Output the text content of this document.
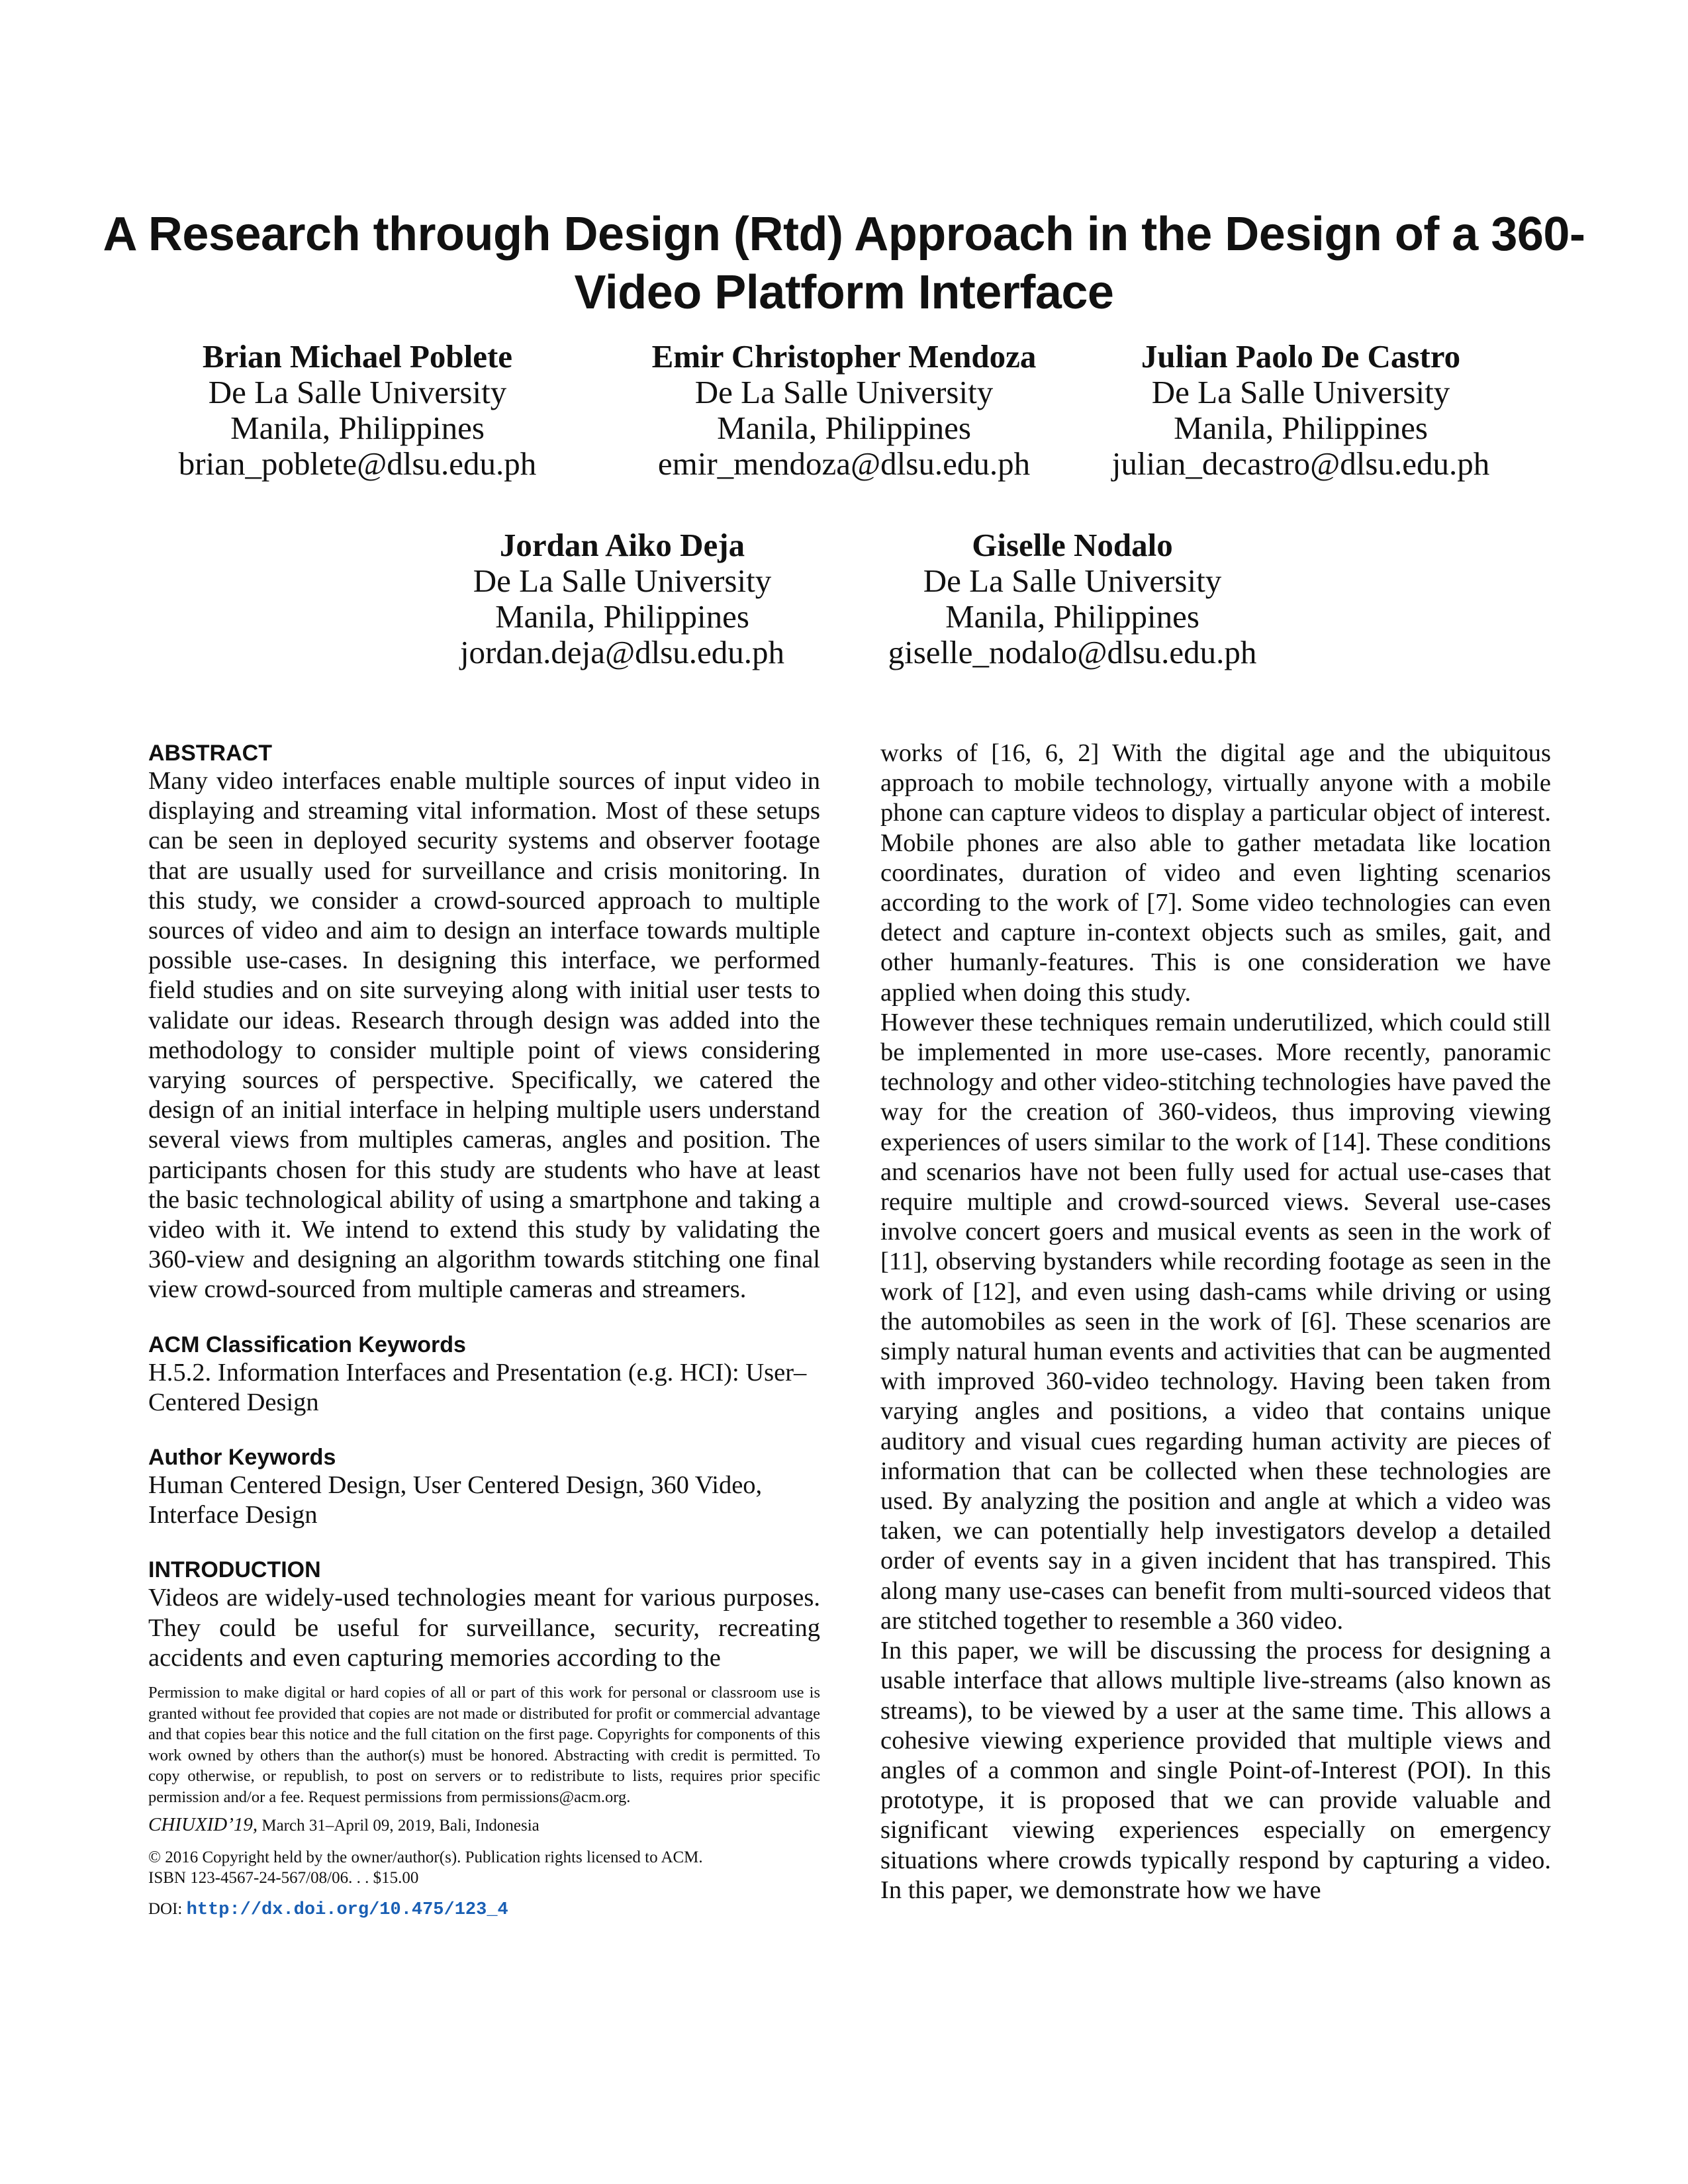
A Research through Design (Rtd) Approach in the Design of a 360-Video Platform Interface
Brian Michael Poblete
De La Salle University
Manila, Philippines
brian_poblete@dlsu.edu.ph
Emir Christopher Mendoza
De La Salle University
Manila, Philippines
emir_mendoza@dlsu.edu.ph
Julian Paolo De Castro
De La Salle University
Manila, Philippines
julian_decastro@dlsu.edu.ph
Jordan Aiko Deja
De La Salle University
Manila, Philippines
jordan.deja@dlsu.edu.ph
Giselle Nodalo
De La Salle University
Manila, Philippines
giselle_nodalo@dlsu.edu.ph
ABSTRACT

Many video interfaces enable multiple sources of input video in displaying and streaming vital information. Most of these setups can be seen in deployed security systems and observer footage that are usually used for surveillance and crisis monitoring. In this study, we consider a crowd-sourced approach to multiple sources of video and aim to design an interface towards multiple possible use-cases. In designing this interface, we performed field studies and on site surveying along with initial user tests to validate our ideas. Research through design was added into the methodology to consider multiple point of views considering varying sources of perspective. Specifically, we catered the design of an initial interface in helping multiple users understand several views from multiples cameras, angles and position. The participants chosen for this study are students who have at least the basic technological ability of using a smartphone and taking a video with it. We intend to extend this study by validating the 360-view and designing an algorithm towards stitching one final view crowd-sourced from multiple cameras and streamers.

ACM Classification Keywords

H.5.2. Information Interfaces and Presentation (e.g. HCI): User–Centered Design

Author Keywords

Human Centered Design, User Centered Design, 360 Video, Interface Design

INTRODUCTION

Videos are widely-used technologies meant for various purposes. They could be useful for surveillance, security, recreating accidents and even capturing memories according to the

Permission to make digital or hard copies of all or part of this work for personal or classroom use is granted without fee provided that copies are not made or distributed for profit or commercial advantage and that copies bear this notice and the full citation on the first page. Copyrights for components of this work owned by others than the author(s) must be honored. Abstracting with credit is permitted. To copy otherwise, or republish, to post on servers or to redistribute to lists, requires prior specific permission and/or a fee. Request permissions from permissions@acm.org.

CHIUXID’19, March 31–April 09, 2019, Bali, Indonesia
© 2016 Copyright held by the owner/author(s). Publication rights licensed to ACM.
ISBN 123-4567-24-567/08/06. . . $15.00
DOI: http://dx.doi.org/10.475/123_4

works of [16, 6, 2] With the digital age and the ubiquitous approach to mobile technology, virtually anyone with a mobile phone can capture videos to display a particular object of interest. Mobile phones are also able to gather metadata like location coordinates, duration of video and even lighting scenarios according to the work of [7]. Some video technologies can even detect and capture in-context objects such as smiles, gait, and other humanly-features. This is one consideration we have applied when doing this study.

However these techniques remain underutilized, which could still be implemented in more use-cases. More recently, panoramic technology and other video-stitching technologies have paved the way for the creation of 360-videos, thus improving viewing experiences of users similar to the work of [14]. These conditions and scenarios have not been fully used for actual use-cases that require multiple and crowd-sourced views. Several use-cases involve concert goers and musical events as seen in the work of [11], observing bystanders while recording footage as seen in the work of [12], and even using dash-cams while driving or using the automobiles as seen in the work of [6]. These scenarios are simply natural human events and activities that can be augmented with improved 360-video technology. Having been taken from varying angles and positions, a video that contains unique auditory and visual cues regarding human activity are pieces of information that can be collected when these technologies are used. By analyzing the position and angle at which a video was taken, we can potentially help investigators develop a detailed order of events say in a given incident that has transpired. This along many use-cases can benefit from multi-sourced videos that are stitched together to resemble a 360 video.

In this paper, we will be discussing the process for designing a usable interface that allows multiple live-streams (also known as streams), to be viewed by a user at the same time. This allows a cohesive viewing experience provided that multiple views and angles of a common and single Point-of-Interest (POI). In this prototype, it is proposed that we can provide valuable and significant viewing experiences especially on emergency situations where crowds typically respond by capturing a video. In this paper, we demonstrate how we have
